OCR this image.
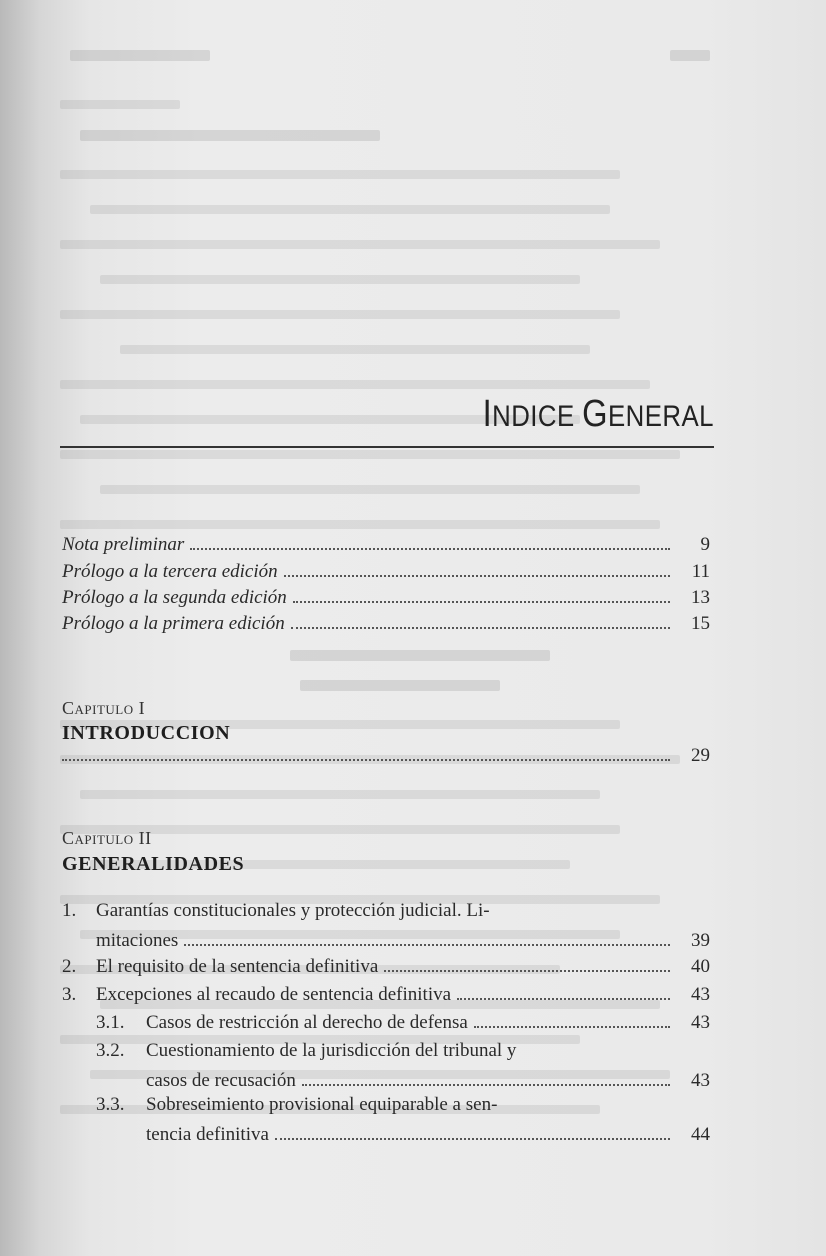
INDICE GENERAL
Nota preliminar	9
Prólogo a la tercera edición	11
Prólogo a la segunda edición	13
Prólogo a la primera edición	15
Capitulo I
INTRODUCCION
29
Capitulo II
GENERALIDADES
1. Garantías constitucionales y protección judicial. Li-
mitaciones	39
2. El requisito de la sentencia definitiva	40
3. Excepciones al recaudo de sentencia definitiva	43
3.1. Casos de restricción al derecho de defensa	43
3.2. Cuestionamiento de la jurisdicción del tribunal y
casos de recusación	43
3.3. Sobreseimiento provisional equiparable a sen-
tencia definitiva	44
